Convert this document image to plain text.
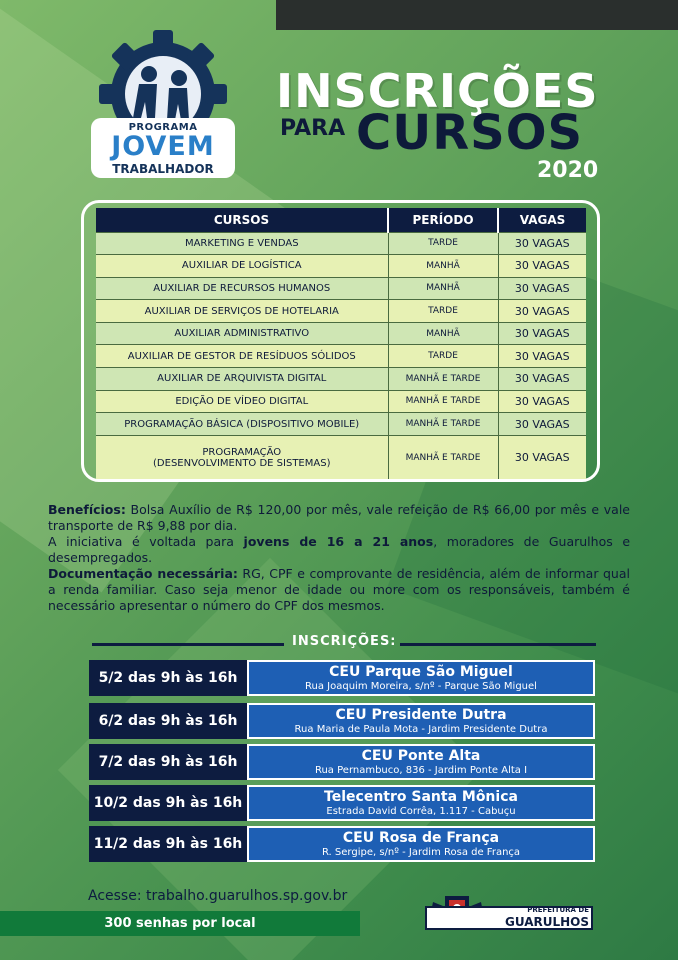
PROGRAMA
JOVEM
TRABALHADOR
INSCRIÇÕES
PARA CURSOS
2020
CURSOS	PERÍODO	VAGAS
MARKETING E VENDAS	TARDE	30 VAGAS
AUXILIAR DE LOGÍSTICA	MANHÃ	30 VAGAS
AUXILIAR DE RECURSOS HUMANOS	MANHÃ	30 VAGAS
AUXILIAR DE SERVIÇOS DE HOTELARIA	TARDE	30 VAGAS
AUXILIAR ADMINISTRATIVO	MANHÃ	30 VAGAS
AUXILIAR DE GESTOR DE RESÍDUOS SÓLIDOS	TARDE	30 VAGAS
AUXILIAR DE ARQUIVISTA DIGITAL	MANHÃ E TARDE	30 VAGAS
EDIÇÃO DE VÍDEO DIGITAL	MANHÃ E TARDE	30 VAGAS
PROGRAMAÇÃO BÁSICA (DISPOSITIVO MOBILE)	MANHÃ E TARDE	30 VAGAS
PROGRAMAÇÃO
(DESENVOLVIMENTO DE SISTEMAS)	MANHÃ E TARDE	30 VAGAS

Benefícios: Bolsa Auxílio de R$ 120,00 por mês, vale refeição de R$ 66,00 por mês e vale transporte de R$ 9,88 por dia.

A iniciativa é voltada para jovens de 16 a 21 anos, moradores de Guarulhos e desempregados.

Documentação necessária: RG, CPF e comprovante de residência, além de informar qual a renda familiar. Caso seja menor de idade ou more com os responsáveis, também é necessário apresentar o número do CPF dos mesmos.

INSCRIÇÕES:
5/2 das 9h às 16h	CEU Parque São Miguel
Rua Joaquim Moreira, s/nº - Parque São Miguel
6/2 das 9h às 16h	CEU Presidente Dutra
Rua Maria de Paula Mota - Jardim Presidente Dutra
7/2 das 9h às 16h	CEU Ponte Alta
Rua Pernambuco, 836 - Jardim Ponte Alta I
10/2 das 9h às 16h	Telecentro Santa Mônica
Estrada David Corrêa, 1.117 - Cabuçu
11/2 das 9h às 16h	CEU Rosa de França
R. Sergipe, s/nº - Jardim Rosa de França
Acesse: trabalho.guarulhos.sp.gov.br
300 senhas por local
PREFEITURA DE
GUARULHOS
